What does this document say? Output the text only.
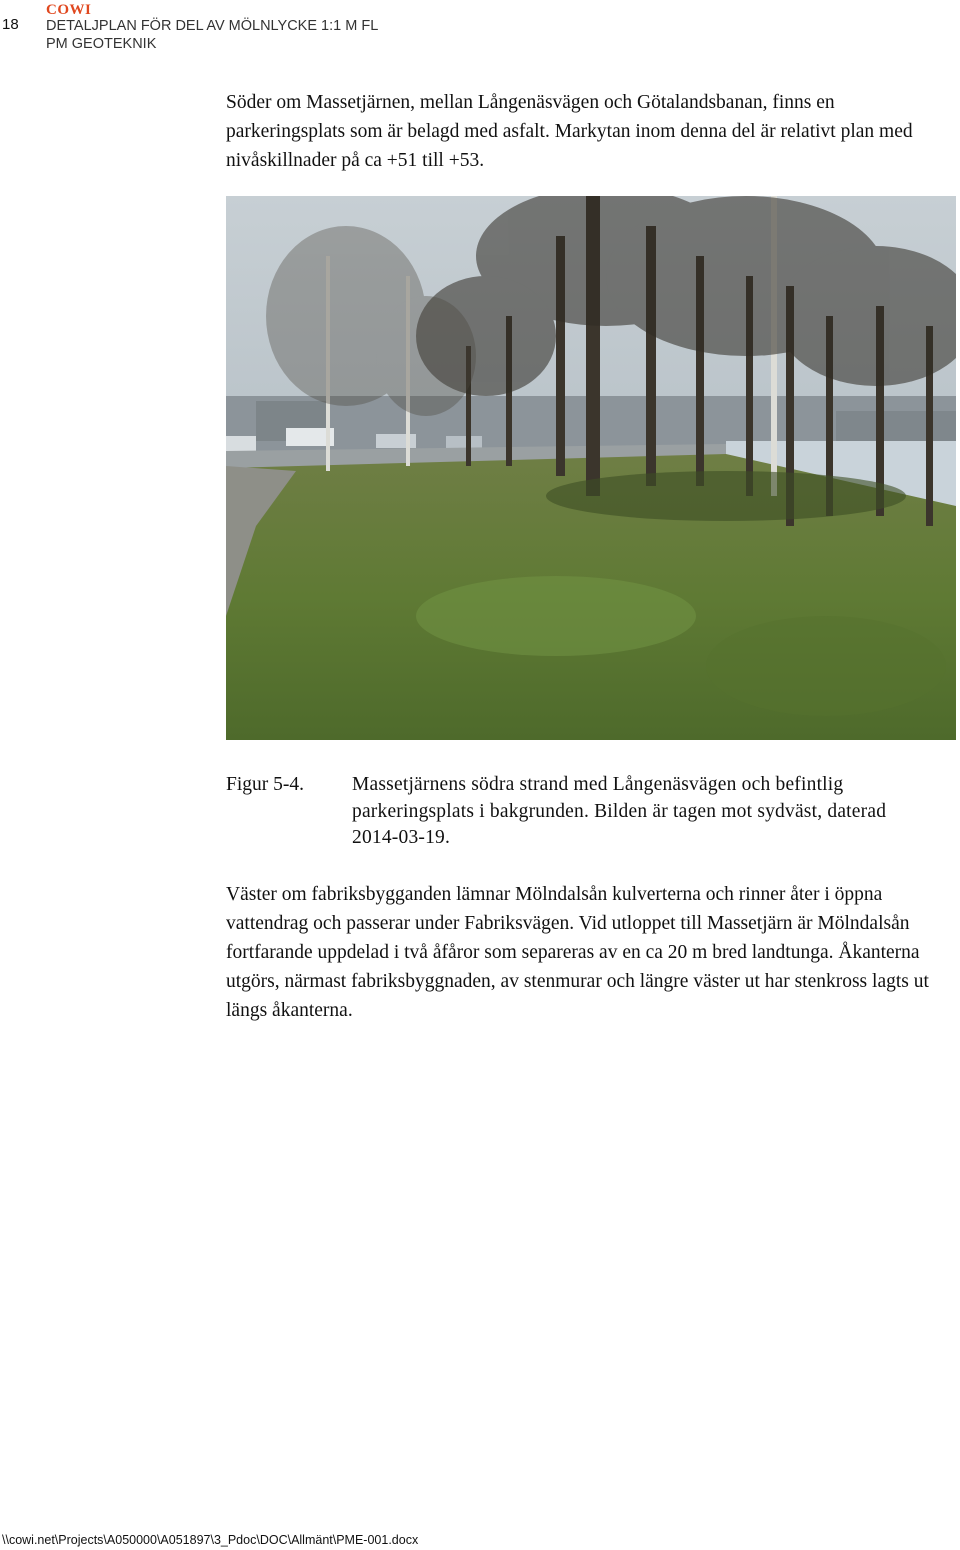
18
COWI
DETALJPLAN FÖR DEL AV MÖLNLYCKE 1:1 M FL
PM GEOTEKNIK

Söder om Massetjärnen, mellan Långenäsvägen och Götalandsbanan, finns en parkeringsplats som är belagd med asfalt. Markytan inom denna del är relativt plan med nivåskillnader på ca +51 till +53.

Figur 5-4. Massetjärnens södra strand med Långenäsvägen och befintlig parkeringsplats i bakgrunden. Bilden är tagen mot sydväst, daterad 2014-03-19.

Väster om fabriksbygganden lämnar Mölndalsån kulverterna och rinner åter i öppna vattendrag och passerar under Fabriksvägen. Vid utloppet till Massetjärn är Mölndalsån fortfarande uppdelad i två åfåror som separeras av en ca 20 m bred landtunga. Åkanterna utgörs, närmast fabriksbyggnaden, av stenmurar och längre väster ut har stenkross lagts ut längs åkanterna.

\\cowi.net\Projects\A050000\A051897\3_Pdoc\DOC\Allmänt\PME-001.docx
